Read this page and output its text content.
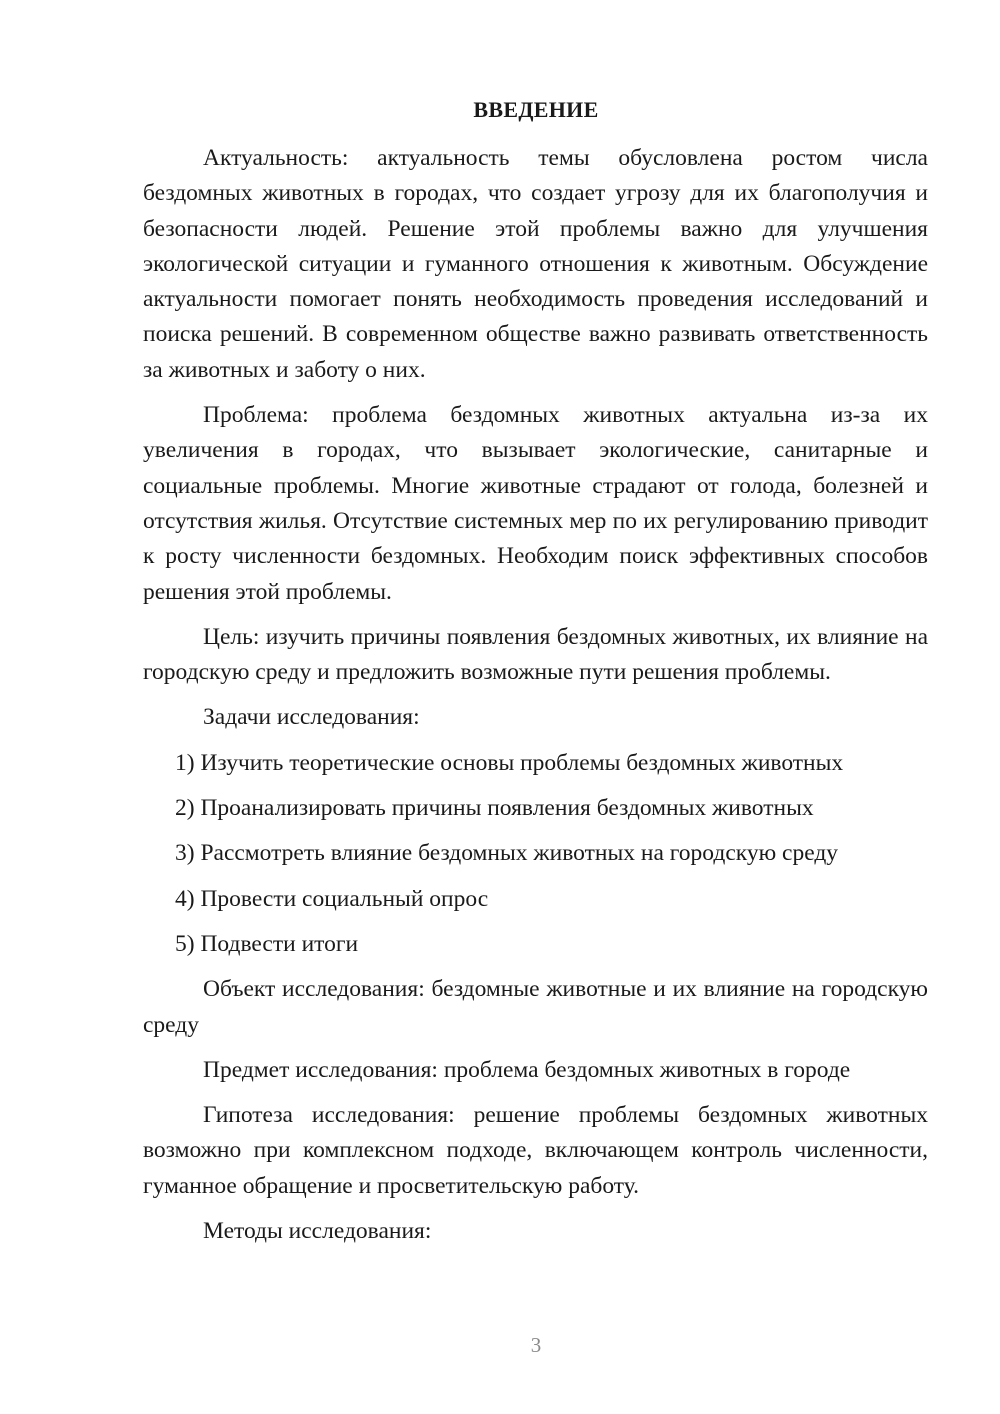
ВВЕДЕНИЕ

Актуальность: актуальность темы обусловлена ростом числа бездомных животных в городах, что создает угрозу для их благополучия и безопасности людей. Решение этой проблемы важно для улучшения экологической ситуации и гуманного отношения к животным. Обсуждение актуальности помогает понять необходимость проведения исследований и поиска решений. В современном обществе важно развивать ответственность за животных и заботу о них.

Проблема: проблема бездомных животных актуальна из-за их увеличения в городах, что вызывает экологические, санитарные и социальные проблемы. Многие животные страдают от голода, болезней и отсутствия жилья. Отсутствие системных мер по их регулированию приводит к росту численности бездомных. Необходим поиск эффективных способов решения этой проблемы.

Цель: изучить причины появления бездомных животных, их влияние на городскую среду и предложить возможные пути решения проблемы.

Задачи исследования:

1) Изучить теоретические основы проблемы бездомных животных

2) Проанализировать причины появления бездомных животных

3) Рассмотреть влияние бездомных животных на городскую среду

4) Провести социальный опрос

5) Подвести итоги

Объект исследования: бездомные животные и их влияние на городскую среду

Предмет исследования: проблема бездомных животных в городе

Гипотеза исследования: решение проблемы бездомных животных возможно при комплексном подходе, включающем контроль численности, гуманное обращение и просветительскую работу.

Методы исследования:

3
